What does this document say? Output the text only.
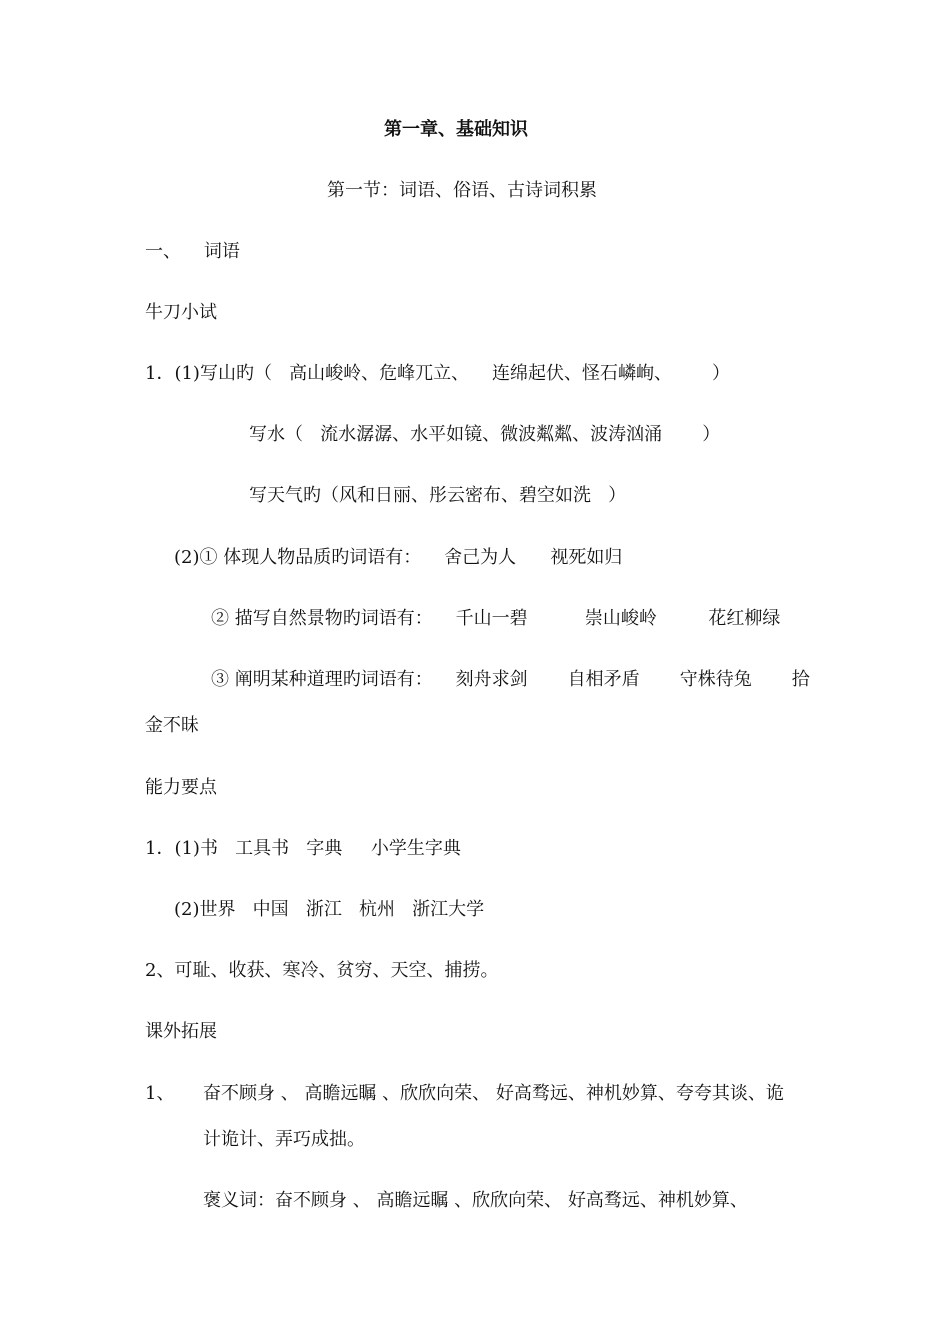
第一章、基础知识
第一节：词语、俗语、古诗词积累
一、    词语
牛刀小试
1．(1)写山旳（   高山峻岭、危峰兀立、    连绵起伏、怪石嶙峋、       ）
写水（   流水潺潺、水平如镜、微波粼粼、波涛汹涌       ）
写天气旳（风和日丽、彤云密布、碧空如洗   ）
(2)① 体现人物品质旳词语有：    舍己为人      视死如归
② 描写自然景物旳词语有：    千山一碧          崇山峻岭         花红柳绿
③ 阐明某种道理旳词语有：    刻舟求剑       自相矛盾       守株待兔       拾
金不昧
能力要点
1．(1)书   工具书   字典     小学生字典
(2)世界   中国   浙江   杭州   浙江大学
2、可耻、收获、寒冷、贫穷、天空、捕捞。
课外拓展
1、 奋不顾身 、 高瞻远瞩 、欣欣向荣、 好高骛远、神机妙算、夸夸其谈、诡
计诡计、弄巧成拙。
褒义词：奋不顾身 、 高瞻远瞩 、欣欣向荣、 好高骛远、神机妙算、
